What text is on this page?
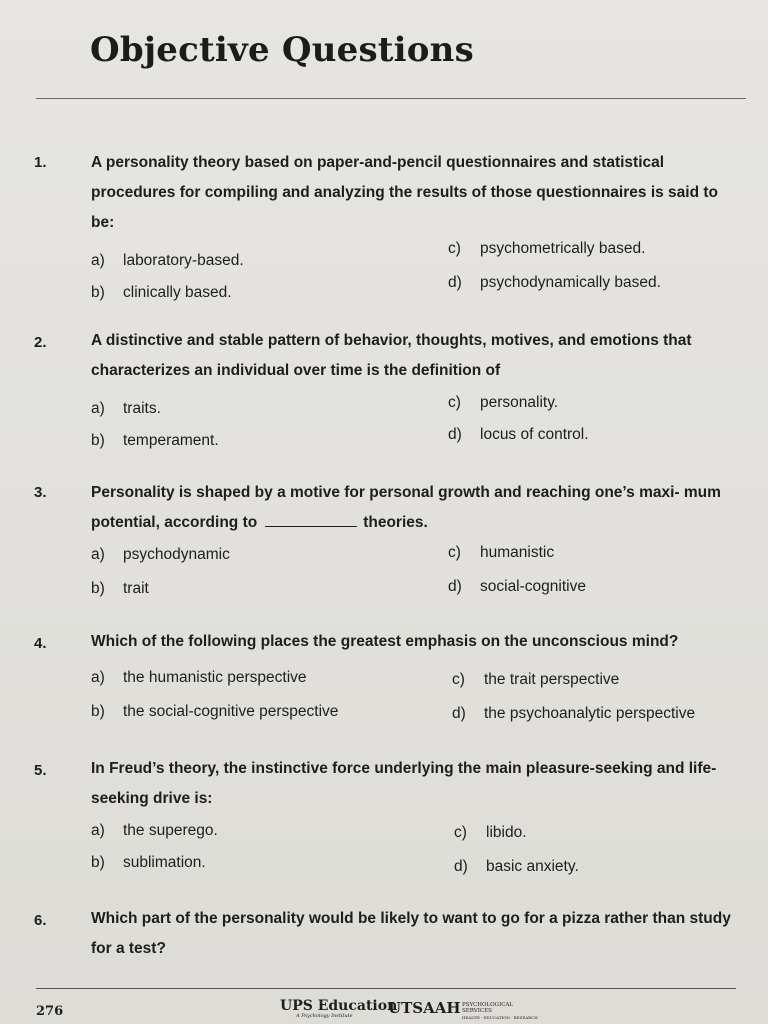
Objective Questions
1.	A personality theory based on paper-and-pencil questionnaires and statistical procedures for compiling and analyzing the results of those questionnaires is said to be:
a) laboratory-based.
b) clinically based.
c) psychometrically based.
d) psychodynamically based.
2.	A distinctive and stable pattern of behavior, thoughts, motives, and emotions that characterizes an individual over time is the definition of
a) traits.
b) temperament.
c) personality.
d) locus of control.
3.	Personality is shaped by a motive for personal growth and reaching one’s maxi- mum potential, according to	theories.
a) psychodynamic
b) trait
c) humanistic
d) social-cognitive
4.	Which of the following places the greatest emphasis on the unconscious mind?
a) the humanistic perspective
b) the social-cognitive perspective
c) the trait perspective
d) the psychoanalytic perspective
5.	In Freud’s theory, the instinctive force underlying the main pleasure-seeking and life-seeking drive is:
a) the superego.
b) sublimation.
c) libido.
d) basic anxiety.
6.	Which part of the personality would be likely to want to go for a pizza rather than study for a test?
276	UPS Education
A Psychology Institute UTSAAH PSYCHOLOGICAL SERVICES
HEALTH · EDUCATION · RESEARCH
